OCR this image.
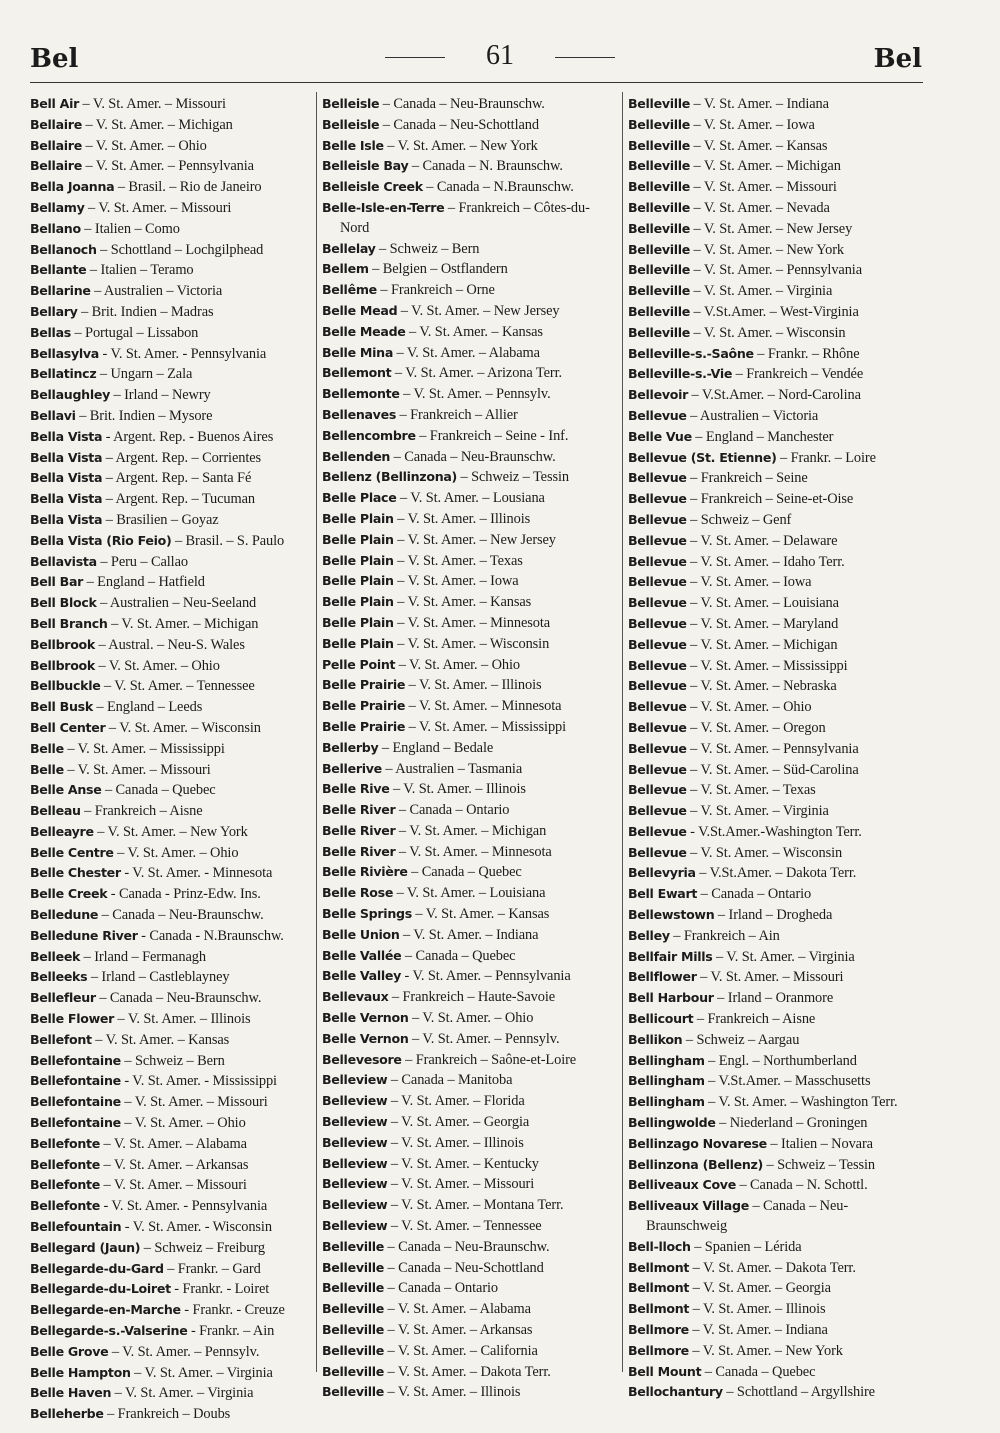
Bel	61	Bel
Bell Air – V. St. Amer. – Missouri
Bellaire – V. St. Amer. – Michigan
Bellaire – V. St. Amer. – Ohio
Bellaire – V. St. Amer. – Pennsylvania
Bella Joanna – Brasil. – Rio de Janeiro
Bellamy – V. St. Amer. – Missouri
Bellano – Italien – Como
Bellanoch – Schottland – Lochgilphead
Bellante – Italien – Teramo
Bellarine – Australien – Victoria
Bellary – Brit. Indien – Madras
Bellas – Portugal – Lissabon
Bellasylva - V. St. Amer. - Pennsylvania
Bellatincz – Ungarn – Zala
Bellaughley – Irland – Newry
Bellavi – Brit. Indien – Mysore
Bella Vista - Argent. Rep. - Buenos Aires
Bella Vista – Argent. Rep. – Corrientes
Bella Vista – Argent. Rep. – Santa Fé
Bella Vista – Argent. Rep. – Tucuman
Bella Vista – Brasilien – Goyaz
Bella Vista (Rio Feio) – Brasil. – S. Paulo
Bellavista – Peru – Callao
Bell Bar – England – Hatfield
Bell Block – Australien – Neu-Seeland
Bell Branch – V. St. Amer. – Michigan
Bellbrook – Austral. – Neu-S. Wales
Bellbrook – V. St. Amer. – Ohio
Bellbuckle – V. St. Amer. – Tennessee
Bell Busk – England – Leeds
Bell Center – V. St. Amer. – Wisconsin
Belle – V. St. Amer. – Mississippi
Belle – V. St. Amer. – Missouri
Belle Anse – Canada – Quebec
Belleau – Frankreich – Aisne
Belleayre – V. St. Amer. – New York
Belle Centre – V. St. Amer. – Ohio
Belle Chester - V. St. Amer. - Minnesota
Belle Creek - Canada - Prinz-Edw. Ins.
Belledune – Canada – Neu-Braunschw.
Belledune River - Canada - N.Braunschw.
Belleek – Irland – Fermanagh
Belleeks – Irland – Castleblayney
Bellefleur – Canada – Neu-Braunschw.
Belle Flower – V. St. Amer. – Illinois
Bellefont – V. St. Amer. – Kansas
Bellefontaine – Schweiz – Bern
Bellefontaine - V. St. Amer. - Mississippi
Bellefontaine – V. St. Amer. – Missouri
Bellefontaine – V. St. Amer. – Ohio
Bellefonte – V. St. Amer. – Alabama
Bellefonte – V. St. Amer. – Arkansas
Bellefonte – V. St. Amer. – Missouri
Bellefonte - V. St. Amer. - Pennsylvania
Bellefountain - V. St. Amer. - Wisconsin
Bellegard (Jaun) – Schweiz – Freiburg
Bellegarde-du-Gard – Frankr. – Gard
Bellegarde-du-Loiret - Frankr. - Loiret
Bellegarde-en-Marche - Frankr. - Creuze
Bellegarde-s.-Valserine - Frankr. – Ain
Belle Grove – V. St. Amer. – Pennsylv.
Belle Hampton – V. St. Amer. – Virginia
Belle Haven – V. St. Amer. – Virginia
Belleherbe – Frankreich – Doubs
Belleisle – Canada – Neu-Braunschw.
Belleisle – Canada – Neu-Schottland
Belle Isle – V. St. Amer. – New York
Belleisle Bay – Canada – N. Braunschw.
Belleisle Creek – Canada – N.Braunschw.
Belle-Isle-en-Terre – Frankreich – Côtes-du-Nord
Bellelay – Schweiz – Bern
Bellem – Belgien – Ostflandern
Bellême – Frankreich – Orne
Belle Mead – V. St. Amer. – New Jersey
Belle Meade – V. St. Amer. – Kansas
Belle Mina – V. St. Amer. – Alabama
Bellemont – V. St. Amer. – Arizona Terr.
Bellemonte – V. St. Amer. – Pennsylv.
Bellenaves – Frankreich – Allier
Bellencombre – Frankreich – Seine - Inf.
Bellenden – Canada – Neu-Braunschw.
Bellenz (Bellinzona) – Schweiz – Tessin
Belle Place – V. St. Amer. – Lousiana
Belle Plain – V. St. Amer. – Illinois
Belle Plain – V. St. Amer. – New Jersey
Belle Plain – V. St. Amer. – Texas
Belle Plain – V. St. Amer. – Iowa
Belle Plain – V. St. Amer. – Kansas
Belle Plain – V. St. Amer. – Minnesota
Belle Plain – V. St. Amer. – Wisconsin
Pelle Point – V. St. Amer. – Ohio
Belle Prairie – V. St. Amer. – Illinois
Belle Prairie – V. St. Amer. – Minnesota
Belle Prairie – V. St. Amer. – Mississippi
Bellerby – England – Bedale
Bellerive – Australien – Tasmania
Belle Rive – V. St. Amer. – Illinois
Belle River – Canada – Ontario
Belle River – V. St. Amer. – Michigan
Belle River – V. St. Amer. – Minnesota
Belle Rivière – Canada – Quebec
Belle Rose – V. St. Amer. – Louisiana
Belle Springs – V. St. Amer. – Kansas
Belle Union – V. St. Amer. – Indiana
Belle Vallée – Canada – Quebec
Belle Valley - V. St. Amer. – Pennsylvania
Bellevaux – Frankreich – Haute-Savoie
Belle Vernon – V. St. Amer. – Ohio
Belle Vernon – V. St. Amer. – Pennsylv.
Bellevesore – Frankreich – Saône-et-Loire
Belleview – Canada – Manitoba
Belleview – V. St. Amer. – Florida
Belleview – V. St. Amer. – Georgia
Belleview – V. St. Amer. – Illinois
Belleview – V. St. Amer. – Kentucky
Belleview – V. St. Amer. – Missouri
Belleview – V. St. Amer. – Montana Terr.
Belleview – V. St. Amer. – Tennessee
Belleville – Canada – Neu-Braunschw.
Belleville – Canada – Neu-Schottland
Belleville – Canada – Ontario
Belleville – V. St. Amer. – Alabama
Belleville – V. St. Amer. – Arkansas
Belleville – V. St. Amer. – California
Belleville – V. St. Amer. – Dakota Terr.
Belleville – V. St. Amer. – Illinois
Belleville – V. St. Amer. – Indiana
Belleville – V. St. Amer. – Iowa
Belleville – V. St. Amer. – Kansas
Belleville – V. St. Amer. – Michigan
Belleville – V. St. Amer. – Missouri
Belleville – V. St. Amer. – Nevada
Belleville – V. St. Amer. – New Jersey
Belleville – V. St. Amer. – New York
Belleville – V. St. Amer. – Pennsylvania
Belleville – V. St. Amer. – Virginia
Belleville – V.St.Amer. – West-Virginia
Belleville – V. St. Amer. – Wisconsin
Belleville-s.-Saône – Frankr. – Rhône
Belleville-s.-Vie – Frankreich – Vendée
Bellevoir – V.St.Amer. – Nord-Carolina
Bellevue – Australien – Victoria
Belle Vue – England – Manchester
Bellevue (St. Etienne) – Frankr. – Loire
Bellevue – Frankreich – Seine
Bellevue – Frankreich – Seine-et-Oise
Bellevue – Schweiz – Genf
Bellevue – V. St. Amer. – Delaware
Bellevue – V. St. Amer. – Idaho Terr.
Bellevue – V. St. Amer. – Iowa
Bellevue – V. St. Amer. – Louisiana
Bellevue – V. St. Amer. – Maryland
Bellevue – V. St. Amer. – Michigan
Bellevue – V. St. Amer. – Mississippi
Bellevue – V. St. Amer. – Nebraska
Bellevue – V. St. Amer. – Ohio
Bellevue – V. St. Amer. – Oregon
Bellevue – V. St. Amer. – Pennsylvania
Bellevue – V. St. Amer. – Süd-Carolina
Bellevue – V. St. Amer. – Texas
Bellevue – V. St. Amer. – Virginia
Bellevue - V.St.Amer.-Washington Terr.
Bellevue – V. St. Amer. – Wisconsin
Bellevyria – V.St.Amer. – Dakota Terr.
Bell Ewart – Canada – Ontario
Bellewstown – Irland – Drogheda
Belley – Frankreich – Ain
Bellfair Mills – V. St. Amer. – Virginia
Bellflower – V. St. Amer. – Missouri
Bell Harbour – Irland – Oranmore
Bellicourt – Frankreich – Aisne
Bellikon – Schweiz – Aargau
Bellingham – Engl. – Northumberland
Bellingham – V.St.Amer. – Masschusetts
Bellingham – V. St. Amer. – Washington Terr.
Bellingwolde – Niederland – Groningen
Bellinzago Novarese – Italien – Novara
Bellinzona (Bellenz) – Schweiz – Tessin
Belliveaux Cove – Canada – N. Schottl.
Belliveaux Village – Canada – Neu-Braunschweig
Bell-lloch – Spanien – Lérida
Bellmont – V. St. Amer. – Dakota Terr.
Bellmont – V. St. Amer. – Georgia
Bellmont – V. St. Amer. – Illinois
Bellmore – V. St. Amer. – Indiana
Bellmore – V. St. Amer. – New York
Bell Mount – Canada – Quebec
Bellochantury – Schottland – Argyllshire
